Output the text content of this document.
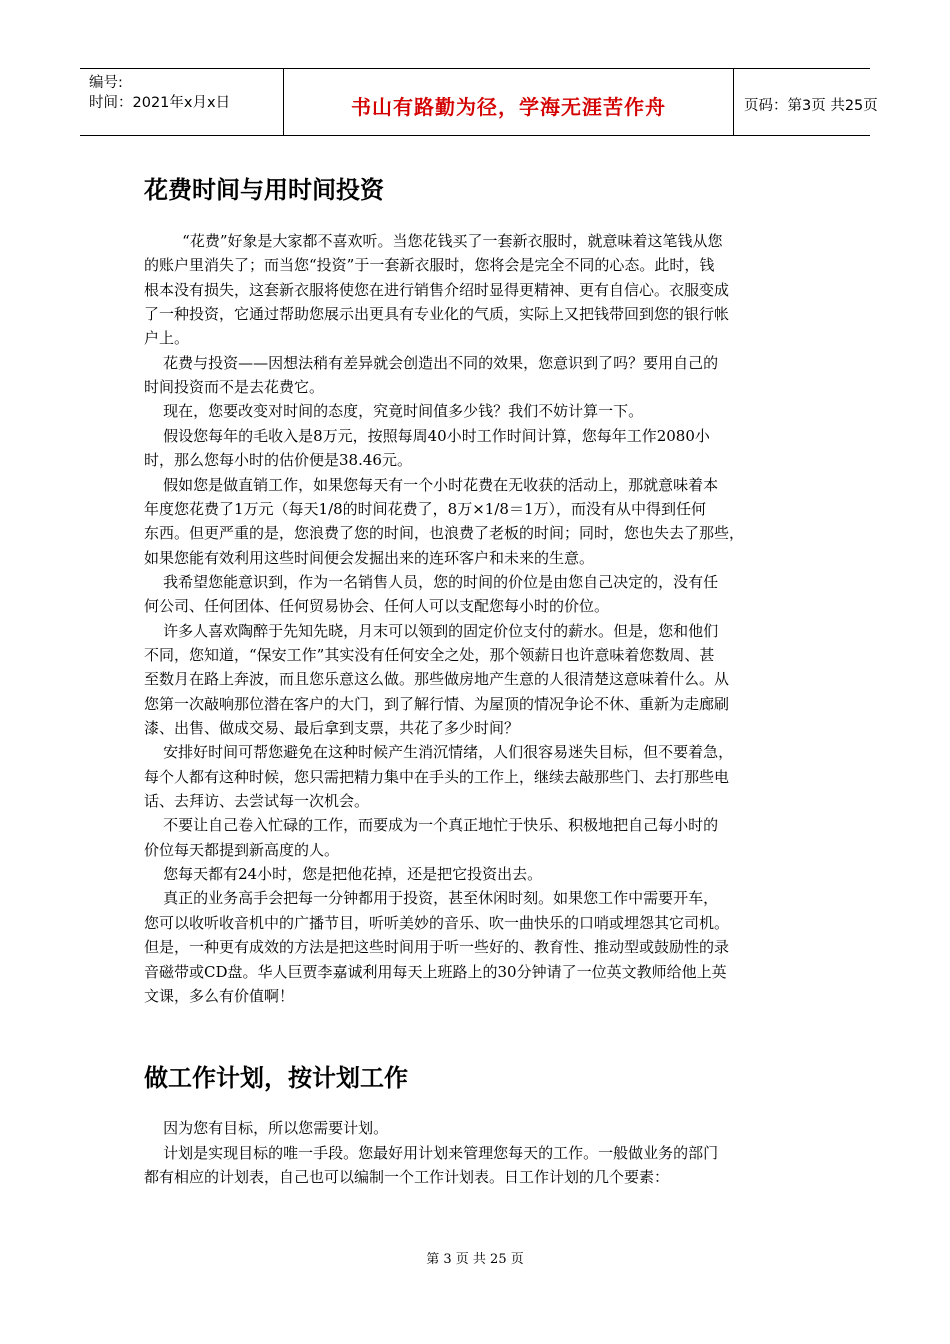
编号:
时间：2021年x月x日	书山有路勤为径，学海无涯苦作舟	页码：第3页 共25页
花费时间与用时间投资
“花费”好象是大家都不喜欢听。当您花钱买了一套新衣服时，就意味着这笔钱从您
的账户里消失了；而当您“投资”于一套新衣服时，您将会是完全不同的心态。此时，钱
根本没有损失，这套新衣服将使您在进行销售介绍时显得更精神、更有自信心。衣服变成
了一种投资，它通过帮助您展示出更具有专业化的气质，实际上又把钱带回到您的银行帐
户上。
花费与投资——因想法稍有差异就会创造出不同的效果，您意识到了吗？要用自己的
时间投资而不是去花费它。
现在，您要改变对时间的态度，究竟时间值多少钱？我们不妨计算一下。
假设您每年的毛收入是8万元，按照每周40小时工作时间计算，您每年工作2080小
时，那么您每小时的估价便是38.46元。
假如您是做直销工作，如果您每天有一个小时花费在无收获的活动上，那就意味着本
年度您花费了1万元（每天1/8的时间花费了，8万×1/8＝1万），而没有从中得到任何
东西。但更严重的是，您浪费了您的时间，也浪费了老板的时间；同时，您也失去了那些，
如果您能有效利用这些时间便会发掘出来的连环客户和未来的生意。
我希望您能意识到，作为一名销售人员，您的时间的价位是由您自己决定的，没有任
何公司、任何团体、任何贸易协会、任何人可以支配您每小时的价位。
许多人喜欢陶醉于先知先晓，月末可以领到的固定价位支付的薪水。但是，您和他们
不同，您知道，“保安工作”其实没有任何安全之处，那个领薪日也许意味着您数周、甚
至数月在路上奔波，而且您乐意这么做。那些做房地产生意的人很清楚这意味着什么。从
您第一次敲响那位潜在客户的大门，到了解行情、为屋顶的情况争论不休、重新为走廊刷
漆、出售、做成交易、最后拿到支票，共花了多少时间？
安排好时间可帮您避免在这种时候产生消沉情绪，人们很容易迷失目标，但不要着急，
每个人都有这种时候，您只需把精力集中在手头的工作上，继续去敲那些门、去打那些电
话、去拜访、去尝试每一次机会。
不要让自己卷入忙碌的工作，而要成为一个真正地忙于快乐、积极地把自己每小时的
价位每天都提到新高度的人。
您每天都有24小时，您是把他花掉，还是把它投资出去。
真正的业务高手会把每一分钟都用于投资，甚至休闲时刻。如果您工作中需要开车，
您可以收听收音机中的广播节目，听听美妙的音乐、吹一曲快乐的口哨或埋怨其它司机。
但是，一种更有成效的方法是把这些时间用于听一些好的、教育性、推动型或鼓励性的录
音磁带或CD盘。华人巨贾李嘉诚利用每天上班路上的30分钟请了一位英文教师给他上英
文课，多么有价值啊！
做工作计划，按计划工作
因为您有目标，所以您需要计划。
计划是实现目标的唯一手段。您最好用计划来管理您每天的工作。一般做业务的部门
都有相应的计划表，自己也可以编制一个工作计划表。日工作计划的几个要素：
第 3 页 共 25 页
